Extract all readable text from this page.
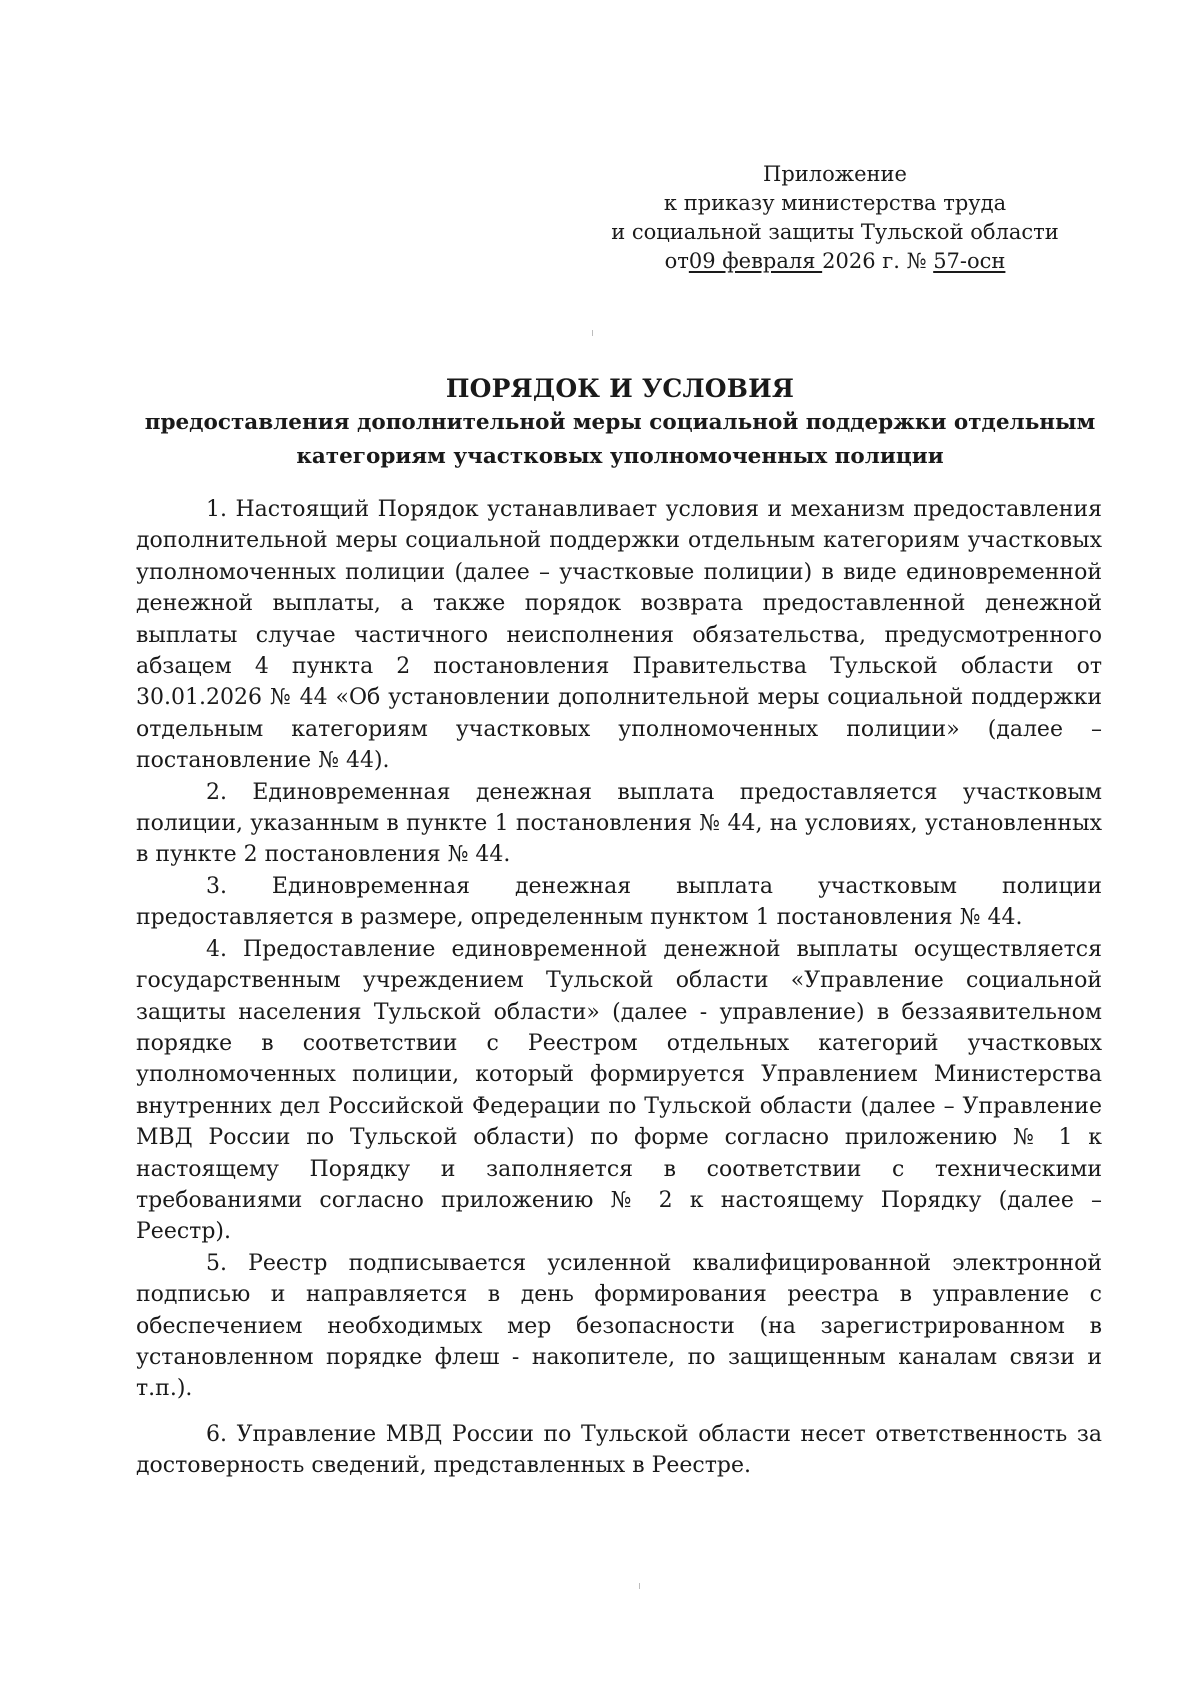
Приложение
к приказу министерства труда
и социальной защиты Тульской области
от09 февраля 2026 г. № 57-осн
ПОРЯДОК И УСЛОВИЯ
предоставления дополнительной меры социальной поддержки отдельным
категориям участковых уполномоченных полиции

1. Настоящий Порядок устанавливает условия и механизм предоставления дополнительной меры социальной поддержки отдельным категориям участковых уполномоченных полиции (далее – участковые полиции) в виде единовременной денежной выплаты, а также порядок возврата предоставленной денежной выплаты случае частичного неисполнения обязательства, предусмотренного абзацем 4 пункта 2 постановления Правительства Тульской области от 30.01.2026 № 44 «Об установлении дополнительной меры социальной поддержки отдельным категориям участковых уполномоченных полиции» (далее – постановление № 44).

2. Единовременная денежная выплата предоставляется участковым полиции, указанным в пункте 1 постановления № 44, на условиях, установленных в пункте 2 постановления № 44.

3. Единовременная денежная выплата участковым полиции предоставляется в размере, определенным пунктом 1 постановления № 44.

4. Предоставление единовременной денежной выплаты осуществляется государственным учреждением Тульской области «Управление социальной защиты населения Тульской области» (далее - управление) в беззаявительном порядке в соответствии с Реестром отдельных категорий участковых уполномоченных полиции, который формируется Управлением Министерства внутренних дел Российской Федерации по Тульской области (далее – Управление МВД России по Тульской области) по форме согласно приложению № 1 к настоящему Порядку и заполняется в соответствии с техническими требованиями согласно приложению № 2 к настоящему Порядку (далее – Реестр).

5. Реестр подписывается усиленной квалифицированной электронной подписью и направляется в день формирования реестра в управление с обеспечением необходимых мер безопасности (на зарегистрированном в установленном порядке флеш - накопителе, по защищенным каналам связи и т.п.).

6. Управление МВД России по Тульской области несет ответственность за достоверность сведений, представленных в Реестре.
